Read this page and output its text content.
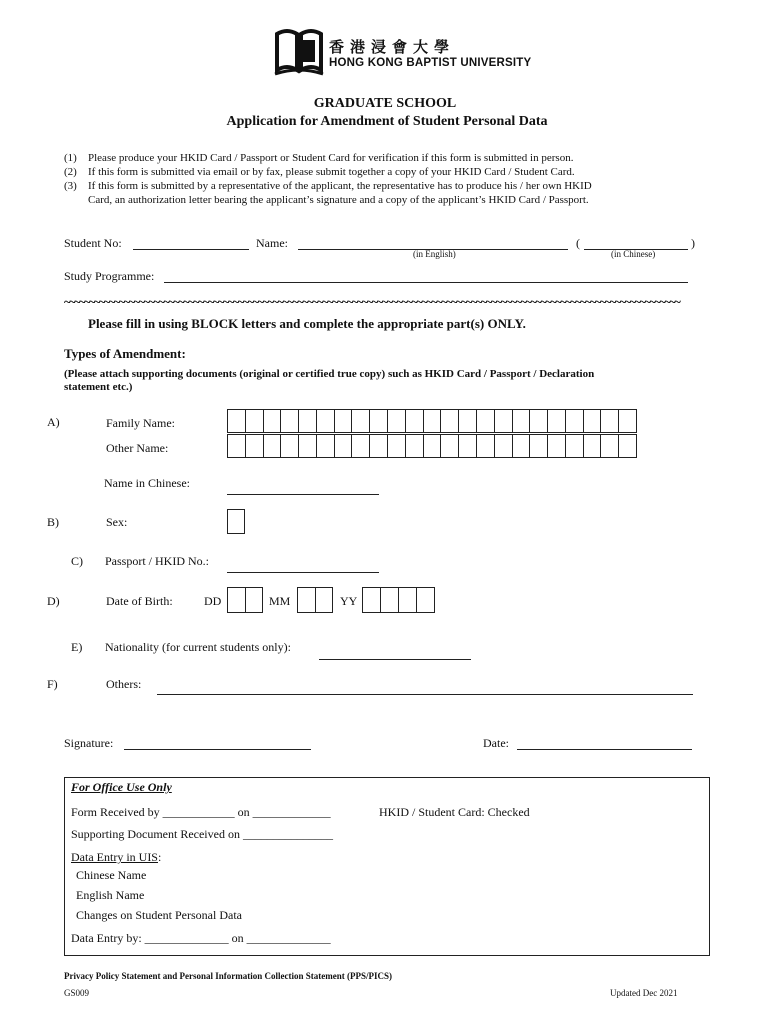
香港浸會大學
HONG KONG BAPTIST UNIVERSITY
GRADUATE SCHOOL
Application for Amendment of Student Personal Data
(1) Please produce your HKID Card / Passport or Student Card for verification if this form is submitted in person.
(2) If this form is submitted via email or by fax, please submit together a copy of your HKID Card / Student Card.
(3) If this form is submitted by a representative of the applicant, the representative has to produce his / her own HKID
Card, an authorization letter bearing the applicant’s signature and a copy of the applicant’s HKID Card / Passport.
Student No:	Name:	(	)
(in English)	(in Chinese)
Study Programme:
~~~~~~~~~~~~~~~~~~~~~~~~~~~~~~~~~~~~~~~~~~~~~~~~~~~~~~~~~~~~~~~~~~~~~~~~~~~~~~~~~~~~~~~~~~~~~~~~~~~~~~~~~~~~~~~~~~~~~~~~~~~~
Please fill in using BLOCK letters and complete the appropriate part(s) ONLY.
Types of Amendment:
(Please attach supporting documents (original or certified true copy) such as HKID Card / Passport / Declaration
statement etc.)
A)	Family Name:
Other Name:
Name in Chinese:
B)	Sex:
C) Passport / HKID No.:
D)	Date of Birth:	DD	MM	YY
E) Nationality (for current students only):
F)	Others:
Signature:	Date:
For Office Use Only
Form Received by ____________ on _____________	HKID / Student Card: Checked
Supporting Document Received on _______________
Data Entry in UIS:
Chinese Name
English Name
Changes on Student Personal Data
Data Entry by: ______________ on ______________
Privacy Policy Statement and Personal Information Collection Statement (PPS/PICS)
GS009	Updated Dec 2021
